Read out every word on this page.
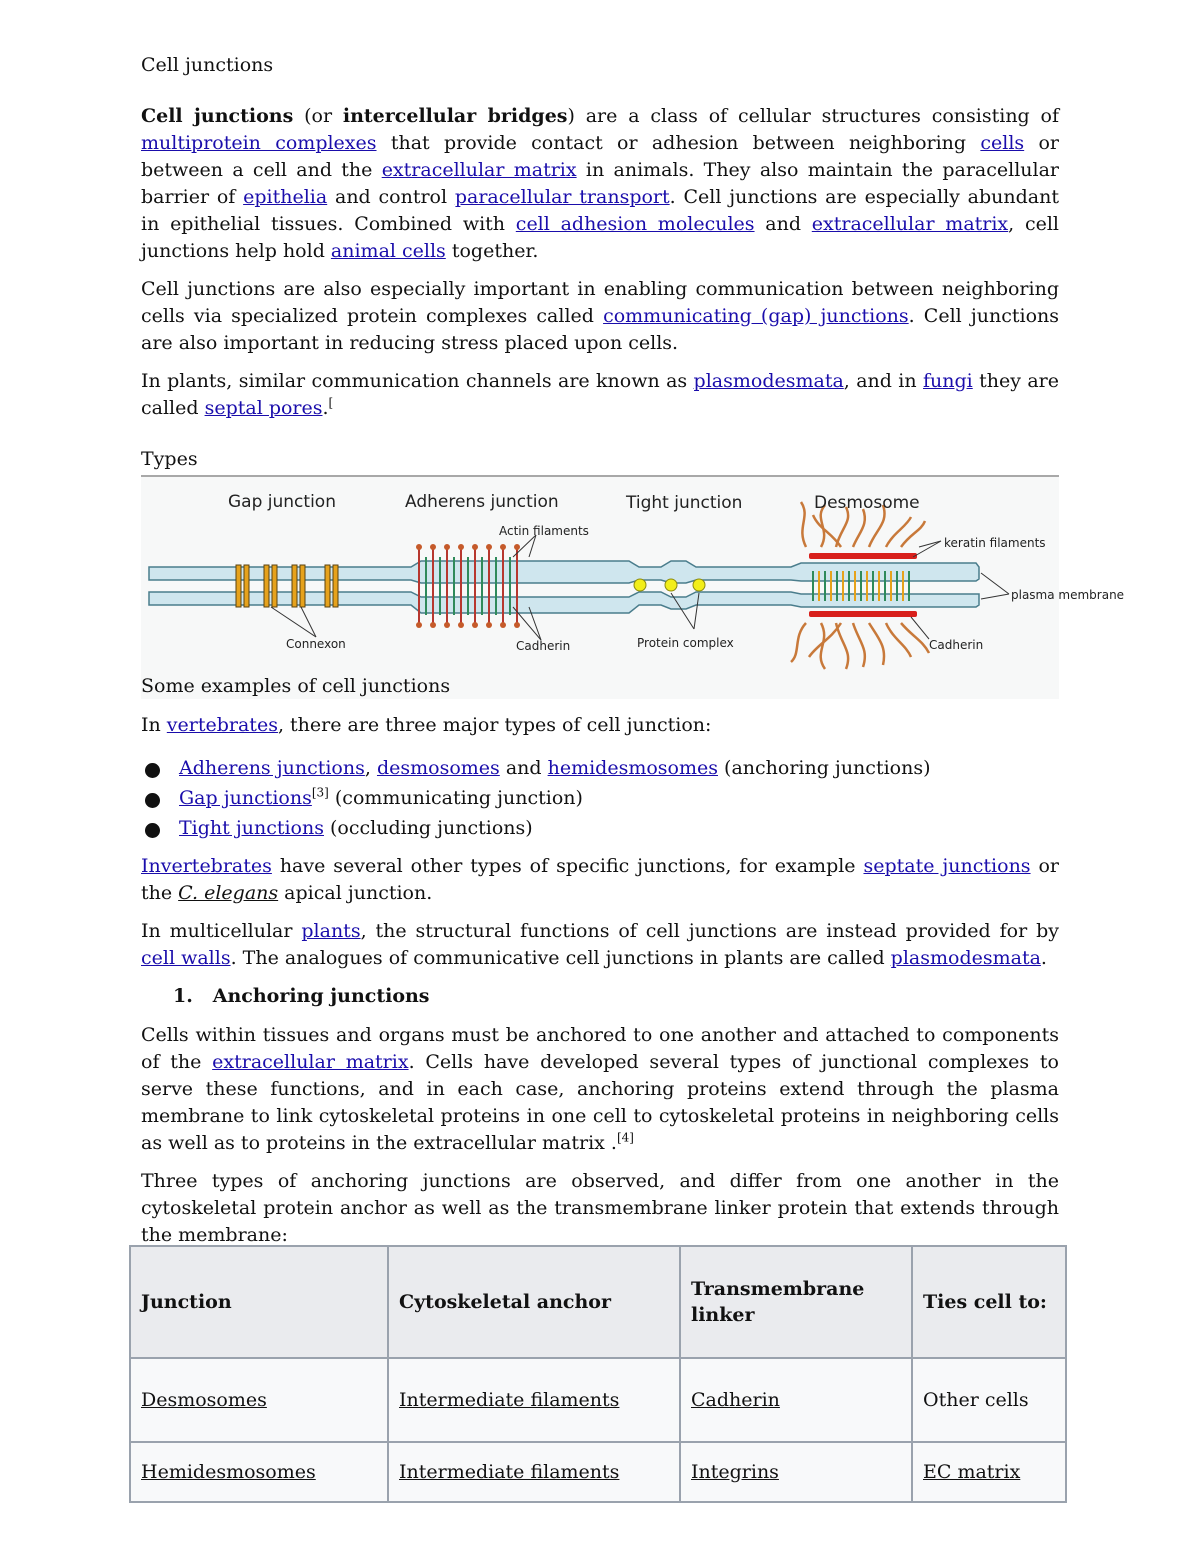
Cell junctions

Cell junctions (or intercellular bridges) are a class of cellular structures consisting of multiprotein complexes that provide contact or adhesion between neighboring cells or between a cell and the extracellular matrix in animals. They also maintain the paracellular barrier of epithelia and control paracellular transport. Cell junctions are especially abundant in epithelial tissues. Combined with cell adhesion molecules and extracellular matrix, cell junctions help hold animal cells together.

Cell junctions are also especially important in enabling communication between neighboring cells via specialized protein complexes called communicating (gap) junctions. Cell junctions are also important in reducing stress placed upon cells.

In plants, similar communication channels are known as plasmodesmata, and in fungi they are called septal pores.[

Types

Gap junction	Adherens junction	Tight junction	Desmosome
Actin filaments
keratin filaments
plasma membrane
Connexon	Cadherin	Protein complex	Cadherin

Some examples of cell junctions

In vertebrates, there are three major types of cell junction:

Adherens junctions, desmosomes and hemidesmosomes (anchoring junctions)
Gap junctions[3] (communicating junction)
Tight junctions (occluding junctions)

Invertebrates have several other types of specific junctions, for example septate junctions or the C. elegans apical junction.

In multicellular plants, the structural functions of cell junctions are instead provided for by cell walls. The analogues of communicative cell junctions in plants are called plasmodesmata.

1. Anchoring junctions

Cells within tissues and organs must be anchored to one another and attached to components of the extracellular matrix. Cells have developed several types of junctional complexes to serve these functions, and in each case, anchoring proteins extend through the plasma membrane to link cytoskeletal proteins in one cell to cytoskeletal proteins in neighboring cells as well as to proteins in the extracellular matrix .[4]

Three types of anchoring junctions are observed, and differ from one another in the cytoskeletal protein anchor as well as the transmembrane linker protein that extends through the membrane:

Junction	Cytoskeletal anchor	Transmembrane linker	Ties cell to:
Desmosomes	Intermediate filaments	Cadherin	Other cells
Hemidesmosomes	Intermediate filaments	Integrins	EC matrix
